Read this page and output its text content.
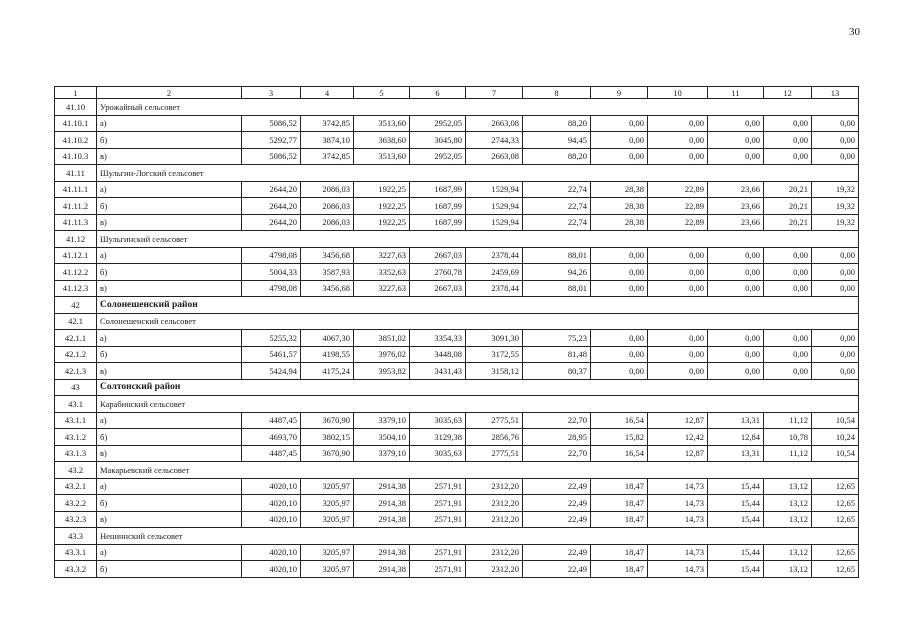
30
1	2	3	4	5	6	7	8	9	10	11	12	13
41.10	Урожайный сельсовет											
41.10.1	а)	5086,52	3742,85	3513,60	2952,05	2663,08	88,20	0,00	0,00	0,00	0,00	0,00
41.10.2	б)	5292,77	3874,10	3638,60	3045,80	2744,33	94,45	0,00	0,00	0,00	0,00	0,00
41.10.3	в)	5086,52	3742,85	3513,60	2952,05	2663,08	88,20	0,00	0,00	0,00	0,00	0,00
41.11	Шульгин-Логский сельсовет											
41.11.1	а)	2644,20	2086,03	1922,25	1687,99	1529,94	22,74	28,38	22,89	23,66	20,21	19,32
41.11.2	б)	2644,20	2086,03	1922,25	1687,99	1529,94	22,74	28,38	22,89	23,66	20,21	19,32
41.11.3	в)	2644,20	2086,03	1922,25	1687,99	1529,94	22,74	28,38	22,89	23,66	20,21	19,32
41.12	Шульгинский сельсовет											
41.12.1	а)	4798,08	3456,68	3227,63	2667,03	2378,44	88,01	0,00	0,00	0,00	0,00	0,00
41.12.2	б)	5004,33	3587,93	3352,63	2760,78	2459,69	94,26	0,00	0,00	0,00	0,00	0,00
41.12.3	в)	4798,08	3456,68	3227,63	2667,03	2378,44	88,01	0,00	0,00	0,00	0,00	0,00
42	Солонешенский район											
42.1	Солонешенский сельсовет											
42.1.1	а)	5255,32	4067,30	3851,02	3354,33	3091,30	75,23	0,00	0,00	0,00	0,00	0,00
42.1.2	б)	5461,57	4198,55	3976,02	3448,08	3172,55	81,48	0,00	0,00	0,00	0,00	0,00
42.1.3	в)	5424,94	4175,24	3953,82	3431,43	3158,12	80,37	0,00	0,00	0,00	0,00	0,00
43	Солтонский район											
43.1	Карабинский сельсовет											
43.1.1	а)	4487,45	3670,90	3379,10	3035,63	2775,51	22,70	16,54	12,87	13,31	11,12	10,54
43.1.2	б)	4693,70	3802,15	3504,10	3129,38	2856,76	28,95	15,82	12,42	12,84	10,78	10,24
43.1.3	в)	4487,45	3670,90	3379,10	3035,63	2775,51	22,70	16,54	12,87	13,31	11,12	10,54
43.2	Макарьевский сельсовет											
43.2.1	а)	4020,10	3205,97	2914,38	2571,91	2312,20	22,49	18,47	14,73	15,44	13,12	12,65
43.2.2	б)	4020,10	3205,97	2914,38	2571,91	2312,20	22,49	18,47	14,73	15,44	13,12	12,65
43.2.3	в)	4020,10	3205,97	2914,38	2571,91	2312,20	22,49	18,47	14,73	15,44	13,12	12,65
43.3	Нениннский сельсовет											
43.3.1	а)	4020,10	3205,97	2914,38	2571,91	2312,20	22,49	18,47	14,73	15,44	13,12	12,65
43.3.2	б)	4020,10	3205,97	2914,38	2571,91	2312,20	22,49	18,47	14,73	15,44	13,12	12,65
